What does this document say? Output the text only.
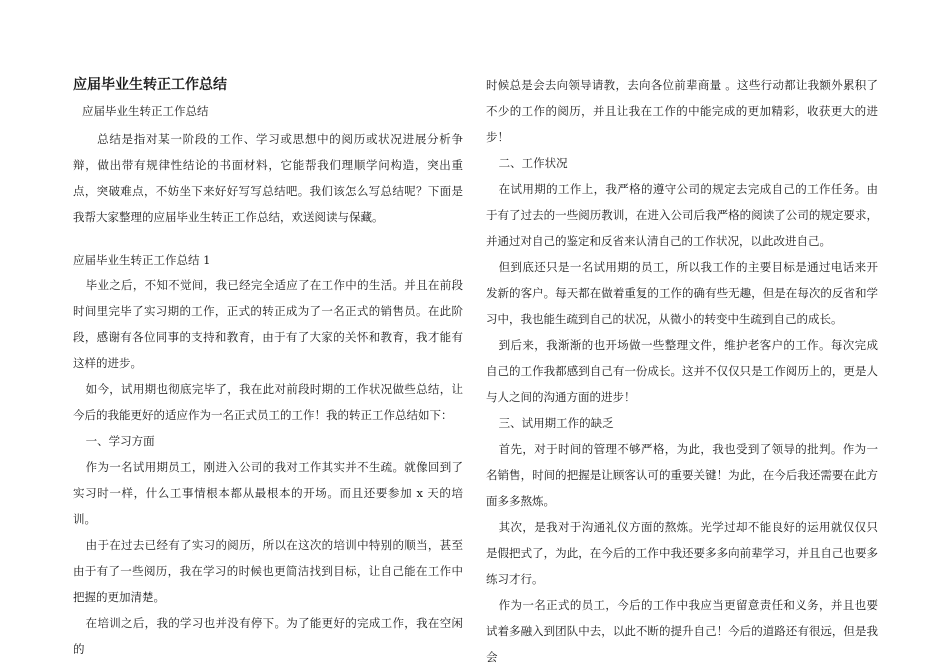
应届毕业生转正工作总结

应届毕业生转正工作总结

总结是指对某一阶段的工作、学习或思想中的阅历或状况进展分析争辩，做出带有规律性结论的书面材料，它能帮我们理顺学问构造，突出重点，突破难点，不妨坐下来好好写写总结吧。我们该怎么写总结呢？下面是我帮大家整理的应届毕业生转正工作总结，欢送阅读与保藏。

应届毕业生转正工作总结 1

毕业之后，不知不觉间，我已经完全适应了在工作中的生活。并且在前段时间里完毕了实习期的工作，正式的转正成为了一名正式的销售员。在此阶段，感谢有各位同事的支持和教育，由于有了大家的关怀和教育，我才能有这样的进步。

如今，试用期也彻底完毕了，我在此对前段时期的工作状况做些总结，让今后的我能更好的适应作为一名正式员工的工作！我的转正工作总结如下：

一、学习方面

作为一名试用期员工，刚进入公司的我对工作其实并不生疏。就像回到了实习时一样，什么工事情根本都从最根本的开场。而且还要参加 x 天的培训。

由于在过去已经有了实习的阅历，所以在这次的培训中特别的顺当，甚至由于有了一些阅历，我在学习的时候也更简洁找到目标，让自己能在工作中把握的更加清楚。

在培训之后，我的学习也并没有停下。为了能更好的完成工作，我在空闲的

时候总是会去向领导请教，去向各位前辈商量 。这些行动都让我额外累积了不少的工作的阅历，并且让我在工作的中能完成的更加精彩，收获更大的进步！

二、工作状况

在试用期的工作上，我严格的遵守公司的规定去完成自己的工作任务。由于有了过去的一些阅历教训，在进入公司后我严格的阅读了公司的规定要求，并通过对自己的鉴定和反省来认清自己的工作状况，以此改进自己。

但到底还只是一名试用期的员工，所以我工作的主要目标是通过电话来开发新的客户。每天都在做着重复的工作的确有些无趣，但是在每次的反省和学习中，我也能生疏到自己的状况，从微小的转变中生疏到自己的成长。

到后来，我渐渐的也开场做一些整理文件，维护老客户的工作。每次完成自己的工作我都感到自己有一份成长。这并不仅仅只是工作阅历上的，更是人与人之间的沟通方面的进步！

三、试用期工作的缺乏

首先，对于时间的管理不够严格，为此，我也受到了领导的批判。作为一名销售，时间的把握是让顾客认可的重要关键！为此，在今后我还需要在此方面多多熬炼。

其次，是我对于沟通礼仪方面的熬炼。光学过却不能良好的运用就仅仅只是假把式了，为此，在今后的工作中我还要多多向前辈学习，并且自己也要多练习才行。

作为一名正式的员工，今后的工作中我应当更留意责任和义务，并且也要试着多融入到团队中去，以此不断的提升自己！今后的道路还有很远，但是我会
